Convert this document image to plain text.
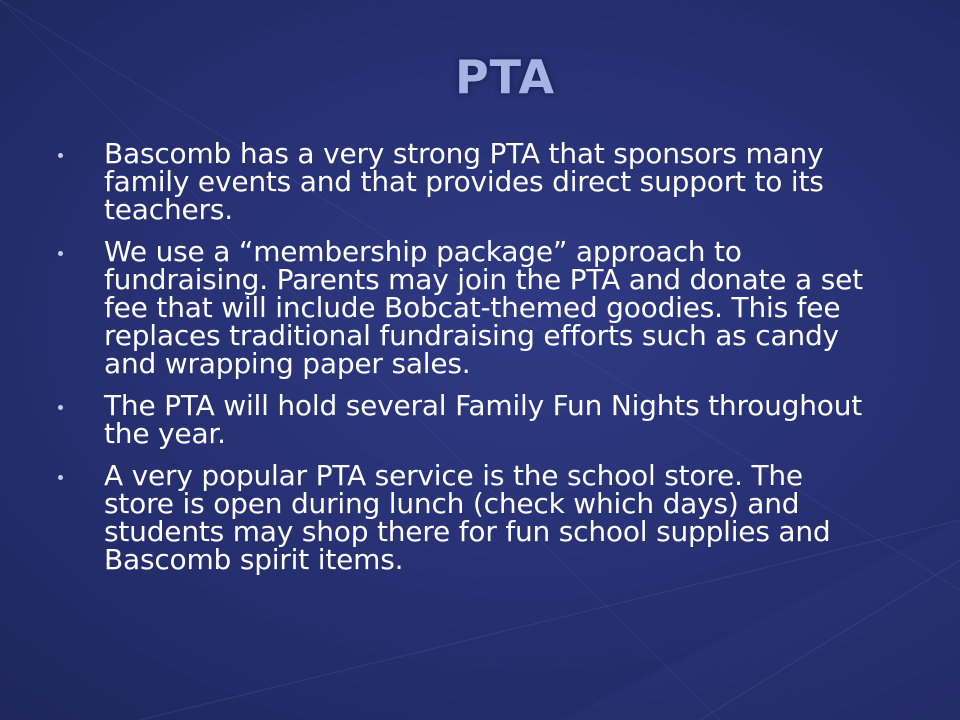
PTA
Bascomb has a very strong PTA that sponsors many family events and that provides direct support to its teachers.
We use a “membership package” approach to fundraising. Parents may join the PTA and donate a set fee that will include Bobcat-themed goodies. This fee replaces traditional fundraising efforts such as candy and wrapping paper sales.
The PTA will hold several Family Fun Nights throughout the year.
A very popular PTA service is the school store. The store is open during lunch (check which days) and students may shop there for fun school supplies and Bascomb spirit items.
